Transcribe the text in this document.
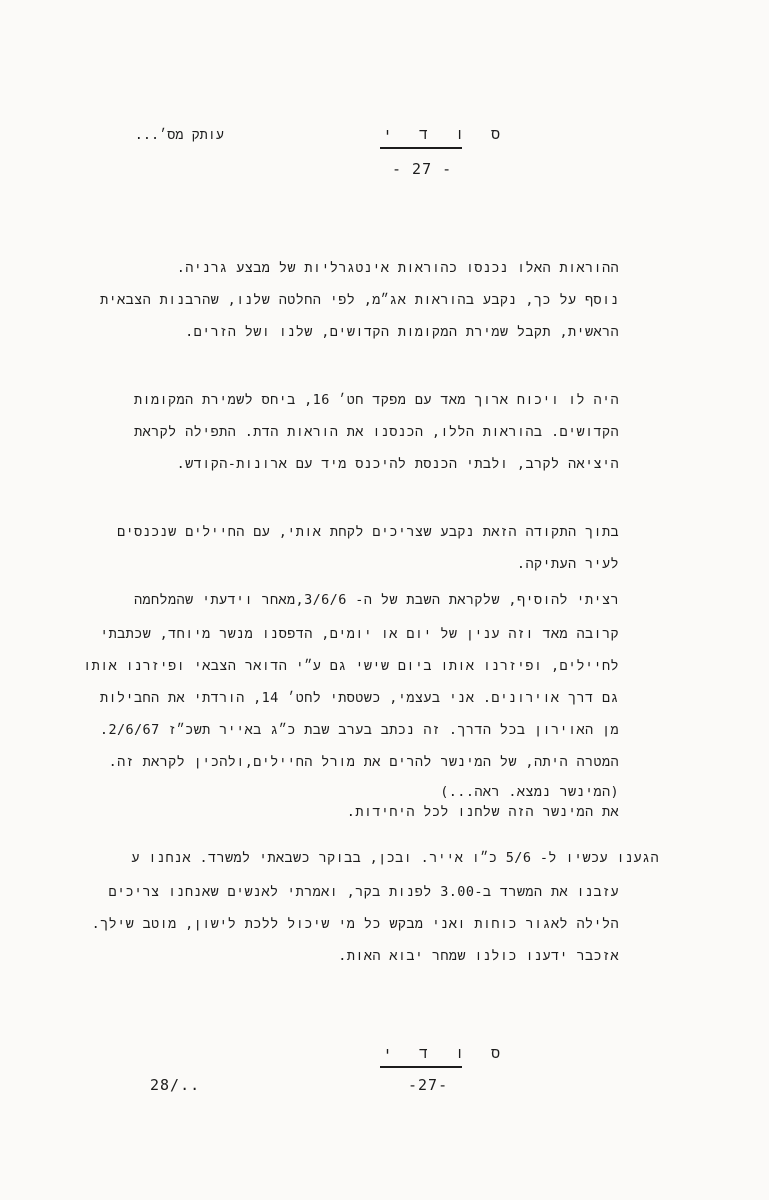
עותק מס׳...	ס ו ד י
- 27 -
ההוראות האלו נכנסו כהוראות אינטגרליות של מבצע גרניה.
נוסף על כך, נקבע בהוראות אג״מ, לפי החלטה שלנו, שהרבנות הצבאית
הראשית, תקבל שמירת המקומות הקדושים, שלנו ושל הזרים.
היה לו ויכוח ארוך מאד עם מפקד חט׳ 16, ביחס לשמירת המקומות
הקדושים. בהוראות הללו, הכנסנו את הוראות הדת. התפילה לקראת
היציאה לקרב, ולבתי הכנסת להיכנס מיד עם ארונות-הקודש.
בתוך התקודה הזאת נקבע שצריכים לקחת אותי, עם החיילים שנכנסים
לעיר העתיקה.
רציתי להוסיף, שלקראת השבת של ה- 3/6/6,מאחר וידעתי שהמלחמה
קרובה מאד וזה ענין של יום או יומים, הדפסנו מנשר מיוחד, שכתבתי
לחיילים, ופיזרנו אותו ביום שישי גם ע״י הדואר הצבאי ופיזרנו אותו
גם דרך אוירונים. אני בעצמי, כשטסתי לחט׳ 14, הורדתי את החבילות
מן האוירון בכל הדרך. זה נכתב בערב שבת כ״ג באייר תשכ״ז 2/6/67.
המטרה היתה, של המינשר להרים את מורל החיילים,ולהכין לקראת זה.
(המינשר נמצא. ראה...)
את המינשר הזה שלחנו לכל היחידות.
הגענו עכשיו ל- 5/6 כ״ו אייר. ובכן, בבוקר כשבאתי למשרד. אנחנו ע
עזבנו את המשרד ב-3.00 לפנות בקר, ואמרתי לאנשים שאנחנו צריכים
הלילה לאגור כוחות ואני מבקש כל מי שיכול ללכת לישון, מוטב שילך.
אזכבר ידענו כולנו שמחר יבוא האות.
ס ו ד י
28/..	-27-
